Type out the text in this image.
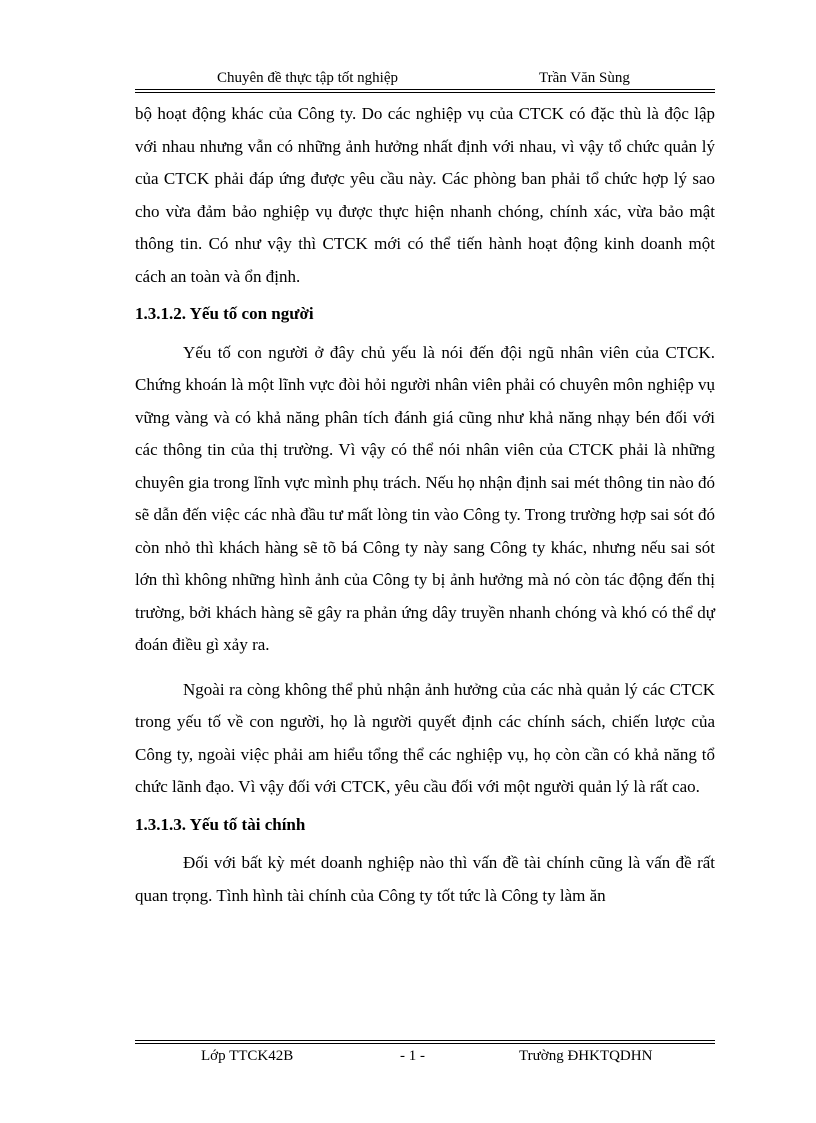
Chuyên đề thực tập tốt nghiệp	Trần Văn Sùng

bộ hoạt động khác của Công ty. Do các nghiệp vụ của CTCK có đặc thù là độc lập với nhau nhưng vẫn có những ảnh hưởng nhất định với nhau, vì vậy tổ chức quản lý của CTCK phải đáp ứng được yêu cầu này. Các phòng ban phải tổ chức hợp lý sao cho vừa đảm bảo nghiệp vụ được thực hiện nhanh chóng, chính xác, vừa bảo mật thông tin. Có như vậy thì CTCK mới có thể tiến hành hoạt động kinh doanh một cách an toàn và ổn định.

1.3.1.2. Yếu tố con người

Yếu tố con người ở đây chủ yếu là nói đến đội ngũ nhân viên của CTCK. Chứng khoán là một lĩnh vực đòi hỏi người nhân viên phải có chuyên môn nghiệp vụ vững vàng và có khả năng phân tích đánh giá cũng như khả năng nhạy bén đối với các thông tin của thị trường. Vì vậy có thể nói nhân viên của CTCK phải là những chuyên gia trong lĩnh vực mình phụ trách. Nếu họ nhận định sai mét thông tin nào đó sẽ dẫn đến việc các nhà đầu tư mất lòng tin vào Công ty. Trong trường hợp sai sót đó còn nhỏ thì khách hàng sẽ tõ bá Công ty này sang Công ty khác, nhưng nếu sai sót lớn thì không những hình ảnh của Công ty bị ảnh hưởng mà nó còn tác động đến thị trường, bởi khách hàng sẽ gây ra phản ứng dây truyền nhanh chóng và khó có thể dự đoán điều gì xảy ra.

Ngoài ra còng không thể phủ nhận ảnh hưởng của các nhà quản lý các CTCK trong yếu tố về con người, họ là người quyết định các chính sách, chiến lược của Công ty, ngoài việc phải am hiểu tổng thể các nghiệp vụ, họ còn cần có khả năng tổ chức lãnh đạo. Vì vậy đối với CTCK, yêu cầu đối với một người quản lý là rất cao.

1.3.1.3. Yếu tố tài chính

Đối với bất kỳ mét doanh nghiệp nào thì vấn đề tài chính cũng là vấn đề rất quan trọng. Tình hình tài chính của Công ty tốt tức là Công ty làm ăn

Lớp TTCK42B	- 1 -	Trường ĐHKTQDHN
